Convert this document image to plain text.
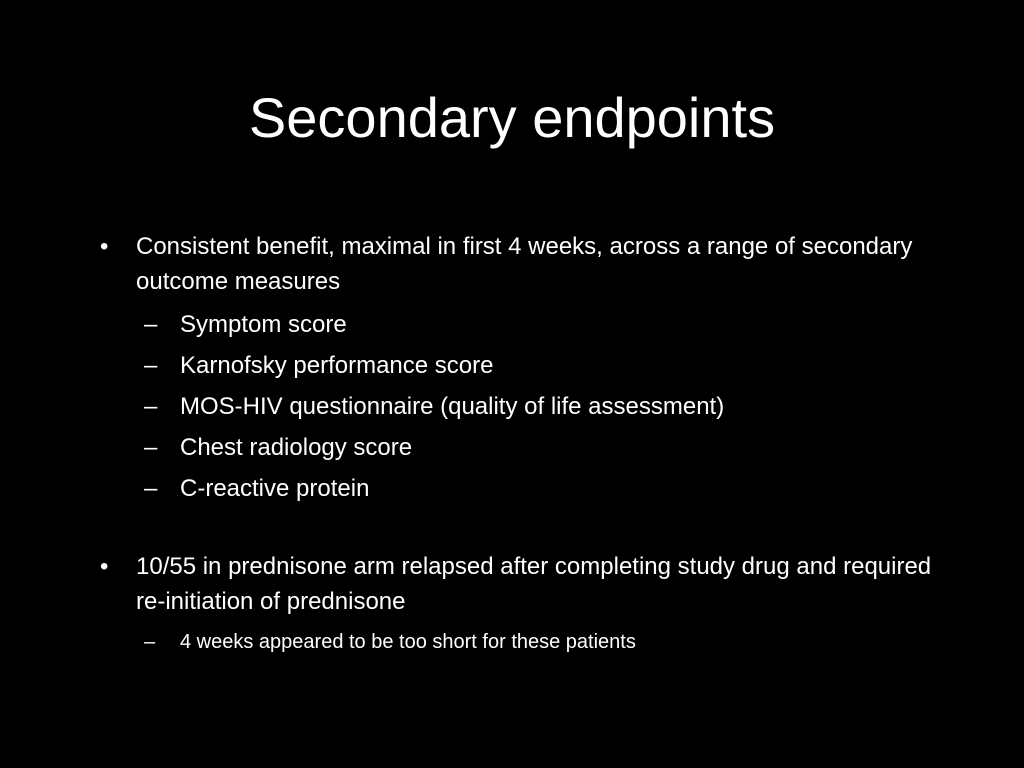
Secondary endpoints
• Consistent benefit, maximal in first 4 weeks, across a range of secondary outcome measures
– Symptom score
– Karnofsky performance score
– MOS-HIV questionnaire (quality of life assessment)
– Chest radiology score
– C-reactive protein
• 10/55 in prednisone arm relapsed after completing study drug and required re-initiation of prednisone
– 4 weeks appeared to be too short for these patients
